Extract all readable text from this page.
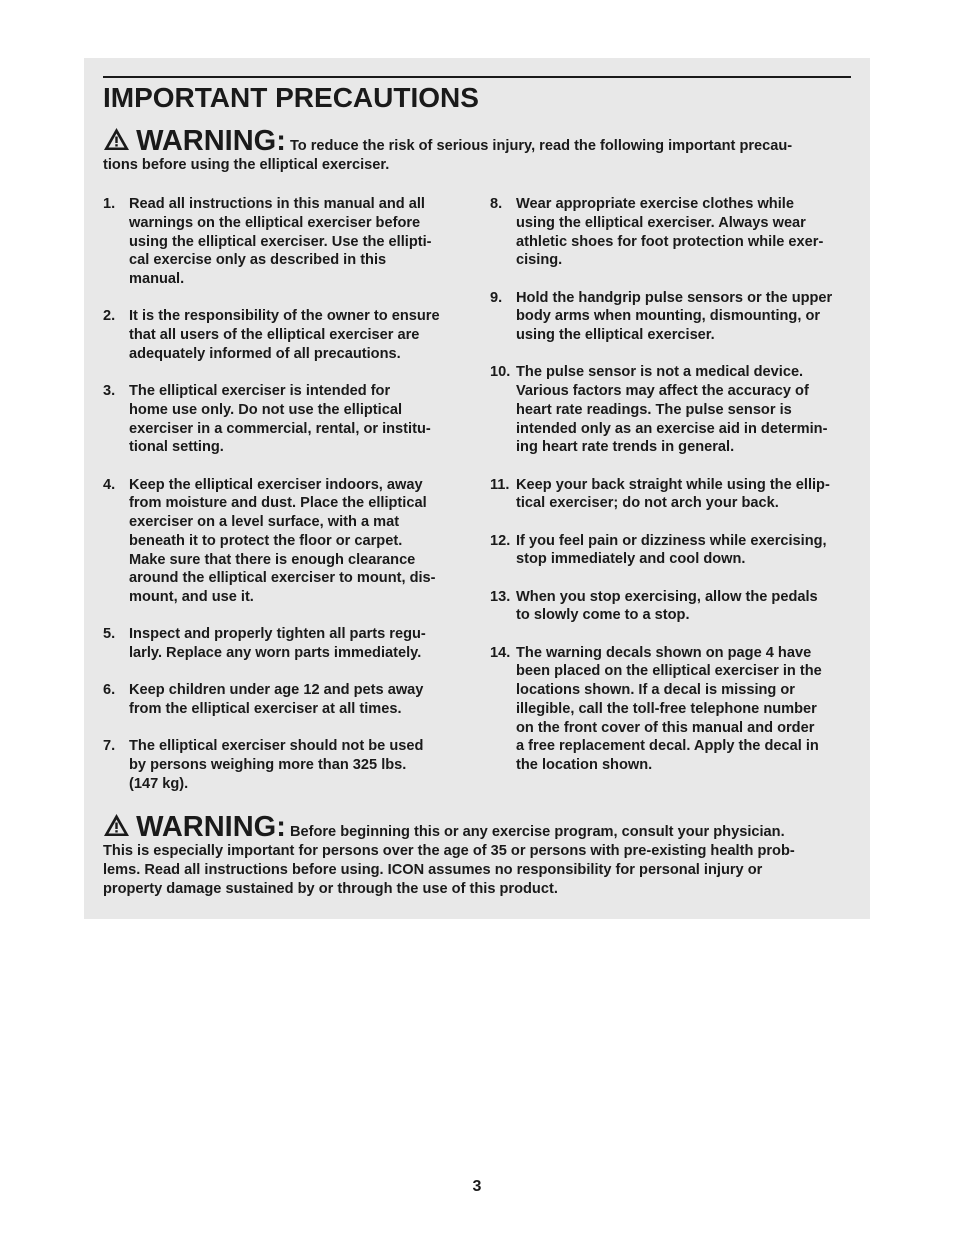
IMPORTANT PRECAUTIONS
WARNING: To reduce the risk of serious injury, read the following important precau-
tions before using the elliptical exerciser.
1. Read all instructions in this manual and all
warnings on the elliptical exerciser before
using the elliptical exerciser. Use the ellipti-
cal exercise only as described in this
manual.
2. It is the responsibility of the owner to ensure
that all users of the elliptical exerciser are
adequately informed of all precautions.
3. The elliptical exerciser is intended for
home use only. Do not use the elliptical
exerciser in a commercial, rental, or institu-
tional setting.
4. Keep the elliptical exerciser indoors, away
from moisture and dust. Place the elliptical
exerciser on a level surface, with a mat
beneath it to protect the floor or carpet.
Make sure that there is enough clearance
around the elliptical exerciser to mount, dis-
mount, and use it.
5. Inspect and properly tighten all parts regu-
larly. Replace any worn parts immediately.
6. Keep children under age 12 and pets away
from the elliptical exerciser at all times.
7. The elliptical exerciser should not be used
by persons weighing more than 325 lbs.
(147 kg).
8. Wear appropriate exercise clothes while
using the elliptical exerciser. Always wear
athletic shoes for foot protection while exer-
cising.
9. Hold the handgrip pulse sensors or the upper
body arms when mounting, dismounting, or
using the elliptical exerciser.
10. The pulse sensor is not a medical device.
Various factors may affect the accuracy of
heart rate readings. The pulse sensor is
intended only as an exercise aid in determin-
ing heart rate trends in general.
11. Keep your back straight while using the ellip-
tical exerciser; do not arch your back.
12. If you feel pain or dizziness while exercising,
stop immediately and cool down.
13. When you stop exercising, allow the pedals
to slowly come to a stop.
14. The warning decals shown on page 4 have
been placed on the elliptical exerciser in the
locations shown. If a decal is missing or
illegible, call the toll-free telephone number
on the front cover of this manual and order
a free replacement decal. Apply the decal in
the location shown.
WARNING: Before beginning this or any exercise program, consult your physician.
This is especially important for persons over the age of 35 or persons with pre-existing health prob-
lems. Read all instructions before using. ICON assumes no responsibility for personal injury or
property damage sustained by or through the use of this product.
3
